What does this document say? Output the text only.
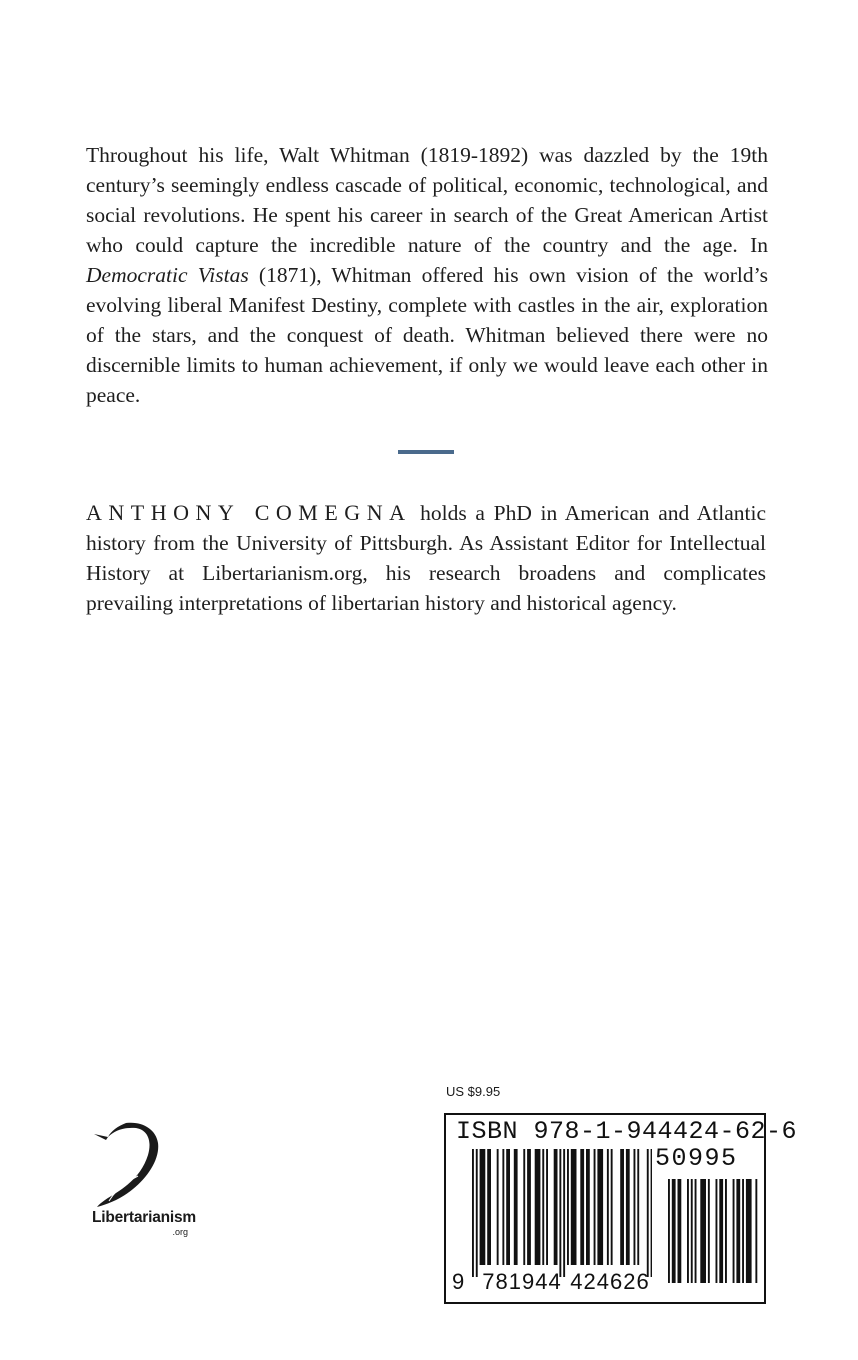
Throughout his life, Walt Whitman (1819-1892) was dazzled by the 19th century’s seemingly endless cascade of political, economic, technological, and social revolutions. He spent his career in search of the Great American Artist who could capture the incredible nature of the country and the age. In Democratic Vistas (1871), Whitman offered his own vision of the world’s evolving liberal Manifest Destiny, complete with castles in the air, exploration of the stars, and the conquest of death. Whitman believed there were no discernible limits to human achievement, if only we would leave each other in peace.

ANTHONY COMEGNA holds a PhD in American and Atlantic history from the University of Pittsburgh. As Assistant Editor for Intellectual History at Libertarianism.org, his research broadens and complicates prevailing interpretations of libertarian history and historical agency.

Libertarianism
.org
US $9.95
ISBN 978-1-944424-62-6
50995
9 781944 424626
